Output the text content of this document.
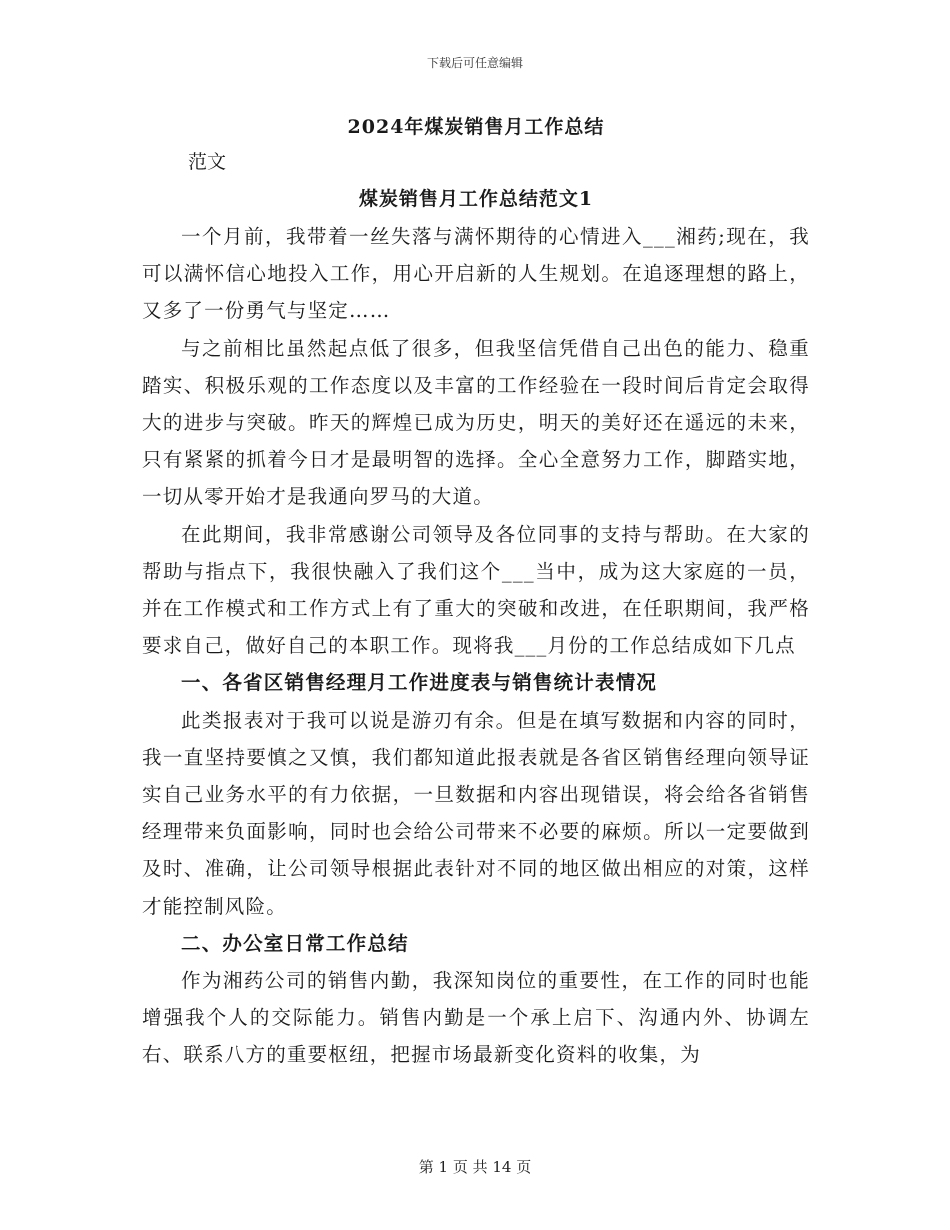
下载后可任意编辑
2024年煤炭销售月工作总结
范文
煤炭销售月工作总结范文1

一个月前，我带着一丝失落与满怀期待的心情进入___湘药;现在，我可以满怀信心地投入工作，用心开启新的人生规划。在追逐理想的路上，又多了一份勇气与坚定……

与之前相比虽然起点低了很多，但我坚信凭借自己出色的能力、稳重踏实、积极乐观的工作态度以及丰富的工作经验在一段时间后肯定会取得大的进步与突破。昨天的辉煌已成为历史，明天的美好还在遥远的未来，只有紧紧的抓着今日才是最明智的选择。全心全意努力工作，脚踏实地，一切从零开始才是我通向罗马的大道。

在此期间，我非常感谢公司领导及各位同事的支持与帮助。在大家的帮助与指点下，我很快融入了我们这个___当中，成为这大家庭的一员，并在工作模式和工作方式上有了重大的突破和改进，在任职期间，我严格要求自己，做好自己的本职工作。现将我___月份的工作总结成如下几点

一、各省区销售经理月工作进度表与销售统计表情况

此类报表对于我可以说是游刃有余。但是在填写数据和内容的同时，我一直坚持要慎之又慎，我们都知道此报表就是各省区销售经理向领导证实自己业务水平的有力依据，一旦数据和内容出现错误，将会给各省销售经理带来负面影响，同时也会给公司带来不必要的麻烦。所以一定要做到及时、准确，让公司领导根据此表针对不同的地区做出相应的对策，这样才能控制风险。

二、办公室日常工作总结

作为湘药公司的销售内勤，我深知岗位的重要性，在工作的同时也能增强我个人的交际能力。销售内勤是一个承上启下、沟通内外、协调左右、联系八方的重要枢纽，把握市场最新变化资料的收集，为

第 1 页 共 14 页
